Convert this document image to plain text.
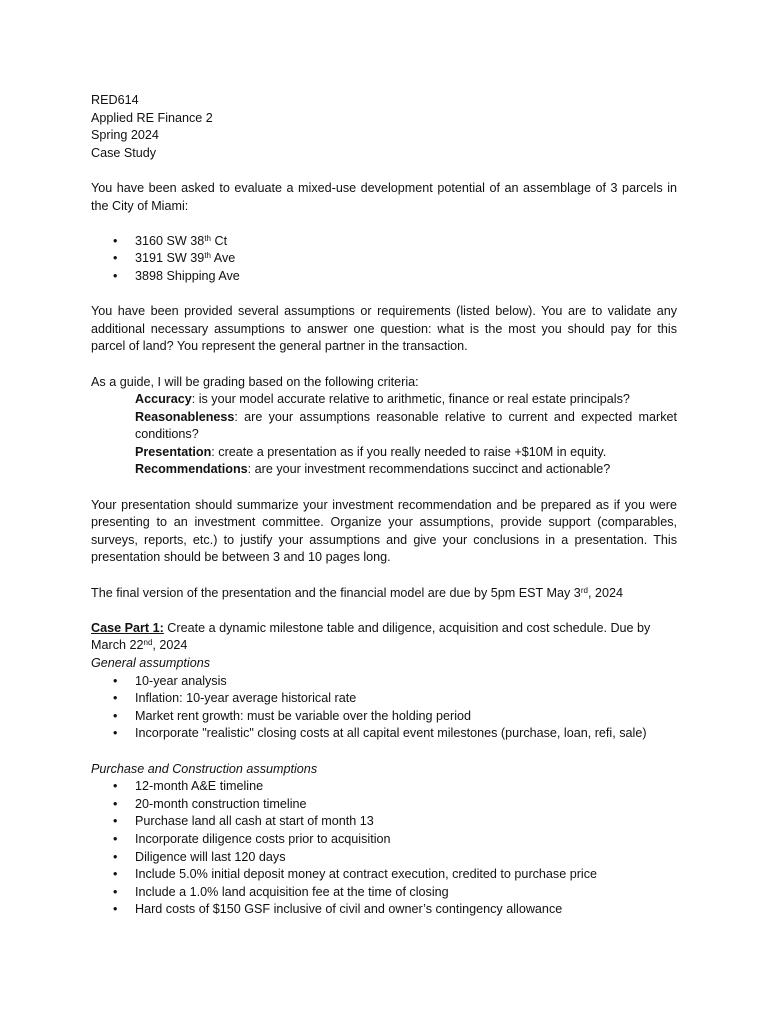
RED614
Applied RE Finance 2
Spring 2024
Case Study
You have been asked to evaluate a mixed-use development potential of an assemblage of 3 parcels in the City of Miami:
• 3160 SW 38th Ct
• 3191 SW 39th Ave
• 3898 Shipping Ave
You have been provided several assumptions or requirements (listed below). You are to validate any additional necessary assumptions to answer one question: what is the most you should pay for this parcel of land? You represent the general partner in the transaction.
As a guide, I will be grading based on the following criteria:
Accuracy: is your model accurate relative to arithmetic, finance or real estate principals?
Reasonableness: are your assumptions reasonable relative to current and expected market conditions?
Presentation: create a presentation as if you really needed to raise +$10M in equity.
Recommendations: are your investment recommendations succinct and actionable?
Your presentation should summarize your investment recommendation and be prepared as if you were presenting to an investment committee. Organize your assumptions, provide support (comparables, surveys, reports, etc.) to justify your assumptions and give your conclusions in a presentation. This presentation should be between 3 and 10 pages long.
The final version of the presentation and the financial model are due by 5pm EST May 3rd, 2024
Case Part 1: Create a dynamic milestone table and diligence, acquisition and cost schedule. Due by
March 22nd, 2024
General assumptions
• 10-year analysis
• Inflation: 10-year average historical rate
• Market rent growth: must be variable over the holding period
• Incorporate "realistic" closing costs at all capital event milestones (purchase, loan, refi, sale)
Purchase and Construction assumptions
• 12-month A&E timeline
• 20-month construction timeline
• Purchase land all cash at start of month 13
• Incorporate diligence costs prior to acquisition
• Diligence will last 120 days
• Include 5.0% initial deposit money at contract execution, credited to purchase price
• Include a 1.0% land acquisition fee at the time of closing
• Hard costs of $150 GSF inclusive of civil and owner’s contingency allowance
